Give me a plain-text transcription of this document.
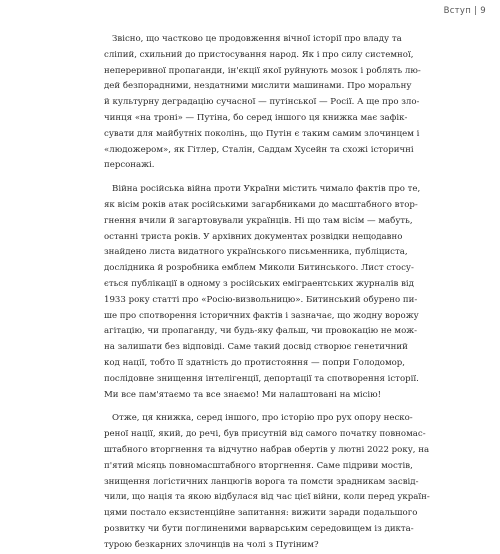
Вступ | 9

Звісно, що частково це продовження вічної історії про владу та
сліпий, схильний до пристосування народ. Як і про силу системної,
непереривної пропаганди, ін'єкції якої руйнують мозок і роблять лю-
дей безпорадними, нездатними мислити машинами. Про моральну
й культурну деградацію сучасної — путінської — Росії. А ще про зло-
чинця «на троні» — Путіна, бо серед іншого ця книжка має зафік-
сувати для майбутніх поколінь, що Путін є таким самим злочинцем і
«людожером», як Гітлер, Сталін, Саддам Хусейн та схожі історичні
персонажі.

Вiйна російська війна проти України містить чимало фактів про те,
як вісім років атак російськими загарбниками до масштабного втор-
гнення вчили й загартовували українців. Ні що там вісім — мабуть,
останні триста років. У архівних документах розвідки нещодавно
знайдено листа видатного українського письменника, публіциста,
дослідника й розробника емблем Миколи Битинського. Лист стосу-
ється публікації в одному з російських еміграентських журналів від
1933 року статті про «Росію-визвольницю». Битинський обурено пи-
ше про спотворення історичних фактів і зазначає, що жодну ворожу
агітацію, чи пропаганду, чи будь-яку фальш, чи провокацію не мож-
на залишати без відповіді. Саме такий досвід створює генетичний
код нації, тобто її здатність до протистояння — попри Голодомор,
послідовне знищення інтелігенції, депортації та спотворення історії.
Ми все пам'ятаємо та все знаємо! Ми налаштовані на місію!

Отже, ця книжка, серед іншого, про історію про рух опору неско-
реної нації, який, до речі, був присутній від самого початку повномас-
штабного вторгнення та відчутно набрав обертів у лютні 2022 року, на
п'ятий місяць повномасштабного вторгнення. Саме підриви мостів,
знищення логістичних ланцюгів ворога та помсти зрадникам засвід-
чили, що нація та якою відбулася від час цієї війни, коли перед україн-
цями постало екзистенційне запитання: вижити заради подальшого
розвитку чи бути поглиненими варварським середовищем із дикта-
турою безкарних злочинців на чолі з Путіним?
